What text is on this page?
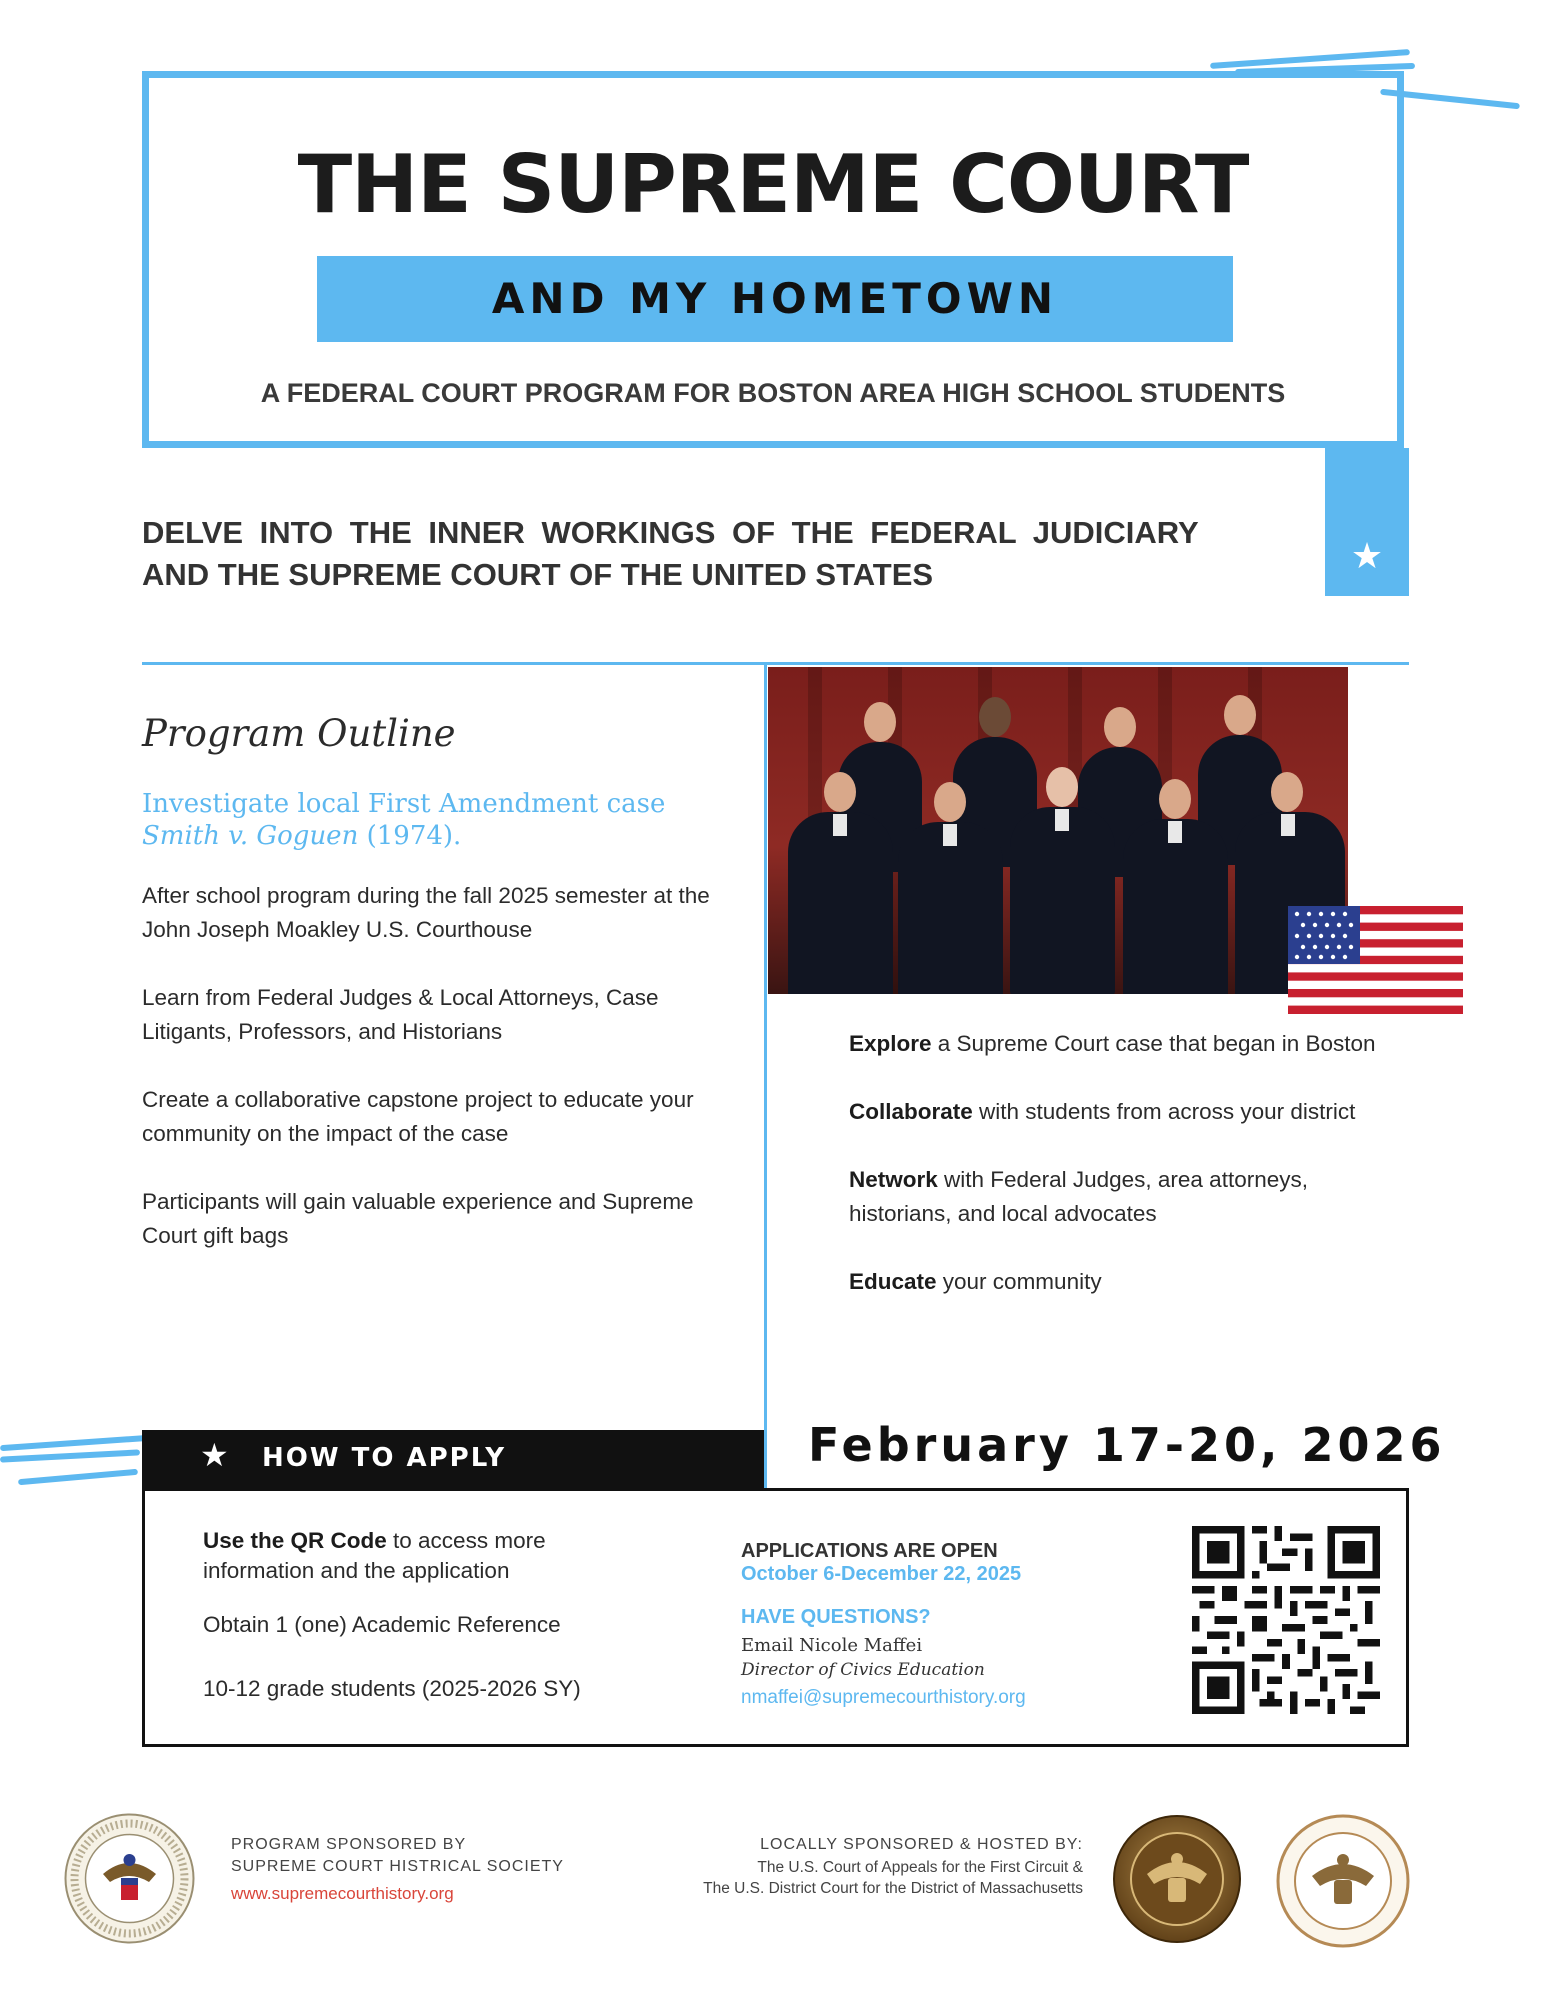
THE SUPREME COURT
AND MY HOMETOWN
A FEDERAL COURT PROGRAM FOR BOSTON AREA HIGH SCHOOL STUDENTS
★
DELVE INTO THE INNER WORKINGS OF THE FEDERAL JUDICIARY
AND THE SUPREME COURT OF THE UNITED STATES
Program Outline
Investigate local First Amendment case
Smith v. Goguen (1974).
After school program during the fall 2025 semester at the John Joseph Moakley U.S. Courthouse
Learn from Federal Judges & Local Attorneys, Case Litigants, Professors, and Historians
Create a collaborative capstone project to educate your community on the impact of the case
Participants will gain valuable experience and Supreme Court gift bags
Explore a Supreme Court case that began in Boston
Collaborate with students from across your district
Network with Federal Judges, area attorneys, historians, and local advocates
Educate your community
★ HOW TO APPLY	February 17-20, 2026
Use the QR Code to access more information and the application
Obtain 1 (one) Academic Reference
10-12 grade students (2025-2026 SY)
APPLICATIONS ARE OPEN
October 6-December 22, 2025
HAVE QUESTIONS?
Email Nicole Maffei
Director of Civics Education
nmaffei@supremecourthistory.org
PROGRAM SPONSORED BY
SUPREME COURT HISTRICAL SOCIETY
www.supremecourthistory.org
LOCALLY SPONSORED & HOSTED BY:
The U.S. Court of Appeals for the First Circuit &
The U.S. District Court for the District of Massachusetts
